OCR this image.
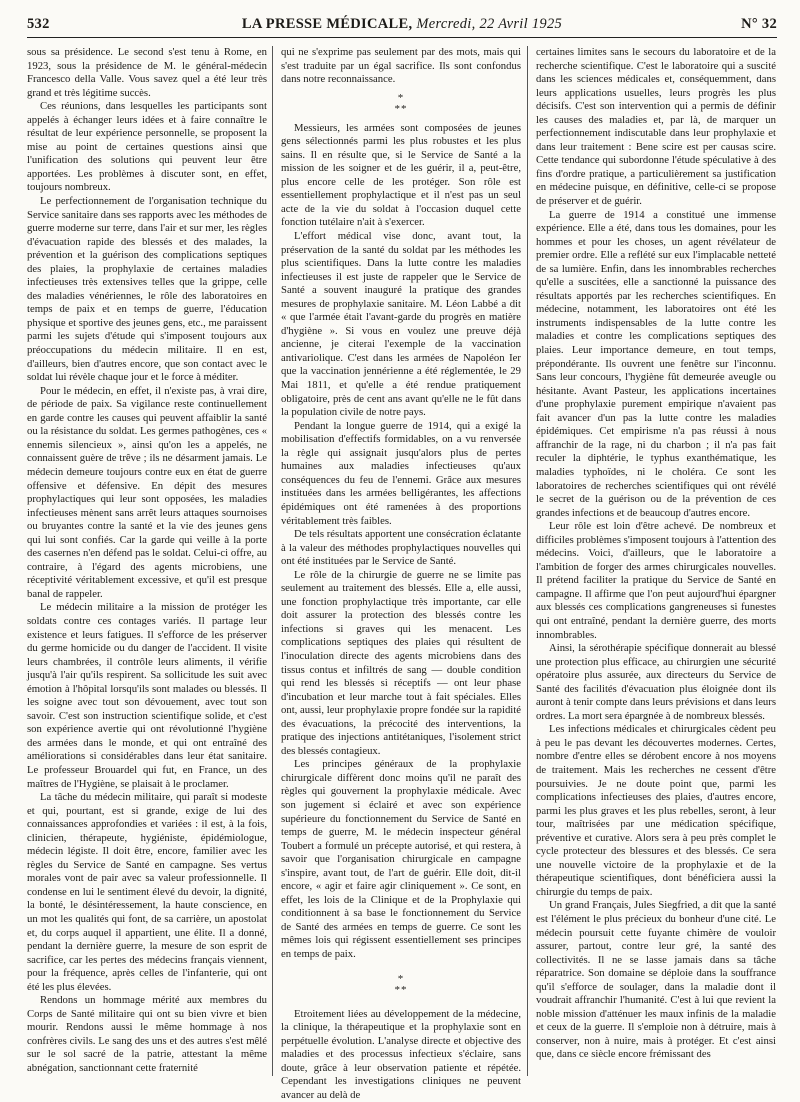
532	LA PRESSE MÉDICALE, Mercredi, 22 Avril 1925	N° 32

sous sa présidence. Le second s'est tenu à Rome, en 1923, sous la présidence de M. le général-médecin Francesco della Valle. Vous savez quel a été leur très grand et très légitime succès.

Ces réunions, dans lesquelles les participants sont appelés à échanger leurs idées et à faire connaître le résultat de leur expérience personnelle, se proposent la mise au point de certaines questions ainsi que l'unification des solutions qui peuvent leur être apportées. Les problèmes à discuter sont, en effet, toujours nombreux.

Le perfectionnement de l'organisation technique du Service sanitaire dans ses rapports avec les méthodes de guerre moderne sur terre, dans l'air et sur mer, les règles d'évacuation rapide des blessés et des malades, la prévention et la guérison des complications septiques des plaies, la prophylaxie de certaines maladies infectieuses très extensives telles que la grippe, celle des maladies vénériennes, le rôle des laboratoires en temps de paix et en temps de guerre, l'éducation physique et sportive des jeunes gens, etc., me paraissent parmi les sujets d'étude qui s'imposent toujours aux préoccupations du médecin militaire. Il en est, d'ailleurs, bien d'autres encore, que son contact avec le soldat lui révèle chaque jour et le force à méditer.

Pour le médecin, en effet, il n'existe pas, à vrai dire, de période de paix. Sa vigilance reste continuellement en garde contre les causes qui peuvent affaiblir la santé ou la résistance du soldat. Les germes pathogènes, ces « ennemis silencieux », ainsi qu'on les a appelés, ne connaissent guère de trêve ; ils ne désarment jamais. Le médecin demeure toujours contre eux en état de guerre offensive et défensive. En dépit des mesures prophylactiques qui leur sont opposées, les maladies infectieuses mènent sans arrêt leurs attaques sournoises ou bruyantes contre la santé et la vie des jeunes gens qui lui sont confiés. Car la garde qui veille à la porte des casernes n'en défend pas le soldat. Celui-ci offre, au contraire, à l'égard des agents microbiens, une réceptivité véritablement excessive, et qu'il est presque banal de rappeler.

Le médecin militaire a la mission de protéger les soldats contre ces contages variés. Il partage leur existence et leurs fatigues. Il s'efforce de les préserver du germe homicide ou du danger de l'accident. Il visite leurs chambrées, il contrôle leurs aliments, il vérifie jusqu'à l'air qu'ils respirent. Sa sollicitude les suit avec émotion à l'hôpital lorsqu'ils sont malades ou blessés. Il les soigne avec tout son dévouement, avec tout son savoir. C'est son instruction scientifique solide, et c'est son expérience avertie qui ont révolutionné l'hygiène des armées dans le monde, et qui ont entraîné des améliorations si considérables dans leur état sanitaire. Le professeur Brouardel qui fut, en France, un des maîtres de l'Hygiène, se plaisait à le proclamer.

La tâche du médecin militaire, qui paraît si modeste et qui, pourtant, est si grande, exige de lui des connaissances approfondies et variées : il est, à la fois, clinicien, thérapeute, hygiéniste, épidémiologue, médecin légiste. Il doit être, encore, familier avec les règles du Service de Santé en campagne. Ses vertus morales vont de pair avec sa valeur professionnelle. Il condense en lui le sentiment élevé du devoir, la dignité, la bonté, le désintéressement, la haute conscience, en un mot les qualités qui font, de sa carrière, un apostolat et, du corps auquel il appartient, une élite. Il a donné, pendant la dernière guerre, la mesure de son esprit de sacrifice, car les pertes des médecins français viennent, pour la fréquence, après celles de l'infanterie, qui ont été les plus élevées.

Rendons un hommage mérité aux membres du Corps de Santé militaire qui ont su bien vivre et bien mourir. Rendons aussi le même hommage à nos confrères civils. Le sang des uns et des autres s'est mêlé sur le sol sacré de la patrie, attestant la même abnégation, sanctionnant cette fraternité

qui ne s'exprime pas seulement par des mots, mais qui s'est traduite par un égal sacrifice. Ils sont confondus dans notre reconnaissance.

*
**

Messieurs, les armées sont composées de jeunes gens sélectionnés parmi les plus robustes et les plus sains. Il en résulte que, si le Service de Santé a la mission de les soigner et de les guérir, il a, peut-être, plus encore celle de les protéger. Son rôle est essentiellement prophylactique et il n'est pas un seul acte de la vie du soldat à l'occasion duquel cette fonction tutélaire n'ait à s'exercer.

L'effort médical vise donc, avant tout, la préservation de la santé du soldat par les méthodes les plus scientifiques. Dans la lutte contre les maladies infectieuses il est juste de rappeler que le Service de Santé a souvent inauguré la pratique des grandes mesures de prophylaxie sanitaire. M. Léon Labbé a dit « que l'armée était l'avant-garde du progrès en matière d'hygiène ». Si vous en voulez une preuve déjà ancienne, je citerai l'exemple de la vaccination antivariolique. C'est dans les armées de Napoléon Ier que la vaccination jennérienne a été réglementée, le 29 Mai 1811, et qu'elle a été rendue pratiquement obligatoire, près de cent ans avant qu'elle ne le fût dans la population civile de notre pays.

Pendant la longue guerre de 1914, qui a exigé la mobilisation d'effectifs formidables, on a vu renversée la règle qui assignait jusqu'alors plus de pertes humaines aux maladies infectieuses qu'aux conséquences du feu de l'ennemi. Grâce aux mesures instituées dans les armées belligérantes, les affections épidémiques ont été ramenées à des proportions véritablement très faibles.

De tels résultats apportent une consécration éclatante à la valeur des méthodes prophylactiques nouvelles qui ont été instituées par le Service de Santé.

Le rôle de la chirurgie de guerre ne se limite pas seulement au traitement des blessés. Elle a, elle aussi, une fonction prophylactique très importante, car elle doit assurer la protection des blessés contre les infections si graves qui les menacent. Les complications septiques des plaies qui résultent de l'inoculation directe des agents microbiens dans des tissus contus et infiltrés de sang — double condition qui rend les blessés si réceptifs — ont leur phase d'incubation et leur marche tout à fait spéciales. Elles ont, aussi, leur prophylaxie propre fondée sur la rapidité des évacuations, la précocité des interventions, la pratique des injections antitétaniques, l'isolement strict des blessés contagieux.

Les principes généraux de la prophylaxie chirurgicale diffèrent donc moins qu'il ne paraît des règles qui gouvernent la prophylaxie médicale. Avec son jugement si éclairé et avec son expérience supérieure du fonctionnement du Service de Santé en temps de guerre, M. le médecin inspecteur général Toubert a formulé un précepte autorisé, et qui restera, à savoir que l'organisation chirurgicale en campagne s'inspire, avant tout, de l'art de guérir. Elle doit, dit-il encore, « agir et faire agir cliniquement ». Ce sont, en effet, les lois de la Clinique et de la Prophylaxie qui conditionnent à sa base le fonctionnement du Service de Santé des armées en temps de guerre. Ce sont les mêmes lois qui régissent essentiellement ses principes en temps de paix.

*
**

Etroitement liées au développement de la médecine, la clinique, la thérapeutique et la prophylaxie sont en perpétuelle évolution. L'analyse directe et objective des maladies et des processus infectieux s'éclaire, sans doute, grâce à leur observation patiente et répétée. Cependant les investigations cliniques ne peuvent avancer au delà de

certaines limites sans le secours du laboratoire et de la recherche scientifique. C'est le laboratoire qui a suscité dans les sciences médicales et, conséquemment, dans leurs applications usuelles, leurs progrès les plus décisifs. C'est son intervention qui a permis de définir les causes des maladies et, par là, de marquer un perfectionnement indiscutable dans leur prophylaxie et dans leur traitement : Bene scire est per causas scire. Cette tendance qui subordonne l'étude spéculative à des fins d'ordre pratique, a particulièrement sa justification en médecine puisque, en définitive, celle-ci se propose de préserver et de guérir.

La guerre de 1914 a constitué une immense expérience. Elle a été, dans tous les domaines, pour les hommes et pour les choses, un agent révélateur de premier ordre. Elle a reflété sur eux l'implacable netteté de sa lumière. Enfin, dans les innombrables recherches qu'elle a suscitées, elle a sanctionné la puissance des résultats apportés par les recherches scientifiques. En médecine, notamment, les laboratoires ont été les instruments indispensables de la lutte contre les maladies et contre les complications septiques des plaies. Leur importance demeure, en tout temps, prépondérante. Ils ouvrent une fenêtre sur l'inconnu. Sans leur concours, l'hygiène fût demeurée aveugle ou hésitante. Avant Pasteur, les applications incertaines d'une prophylaxie purement empirique n'avaient pas fait avancer d'un pas la lutte contre les maladies épidémiques. Cet empirisme n'a pas réussi à nous affranchir de la rage, ni du charbon ; il n'a pas fait reculer la diphtérie, le typhus exanthématique, les maladies typhoïdes, ni le choléra. Ce sont les laboratoires de recherches scientifiques qui ont révélé le secret de la guérison ou de la prévention de ces grandes infections et de beaucoup d'autres encore.

Leur rôle est loin d'être achevé. De nombreux et difficiles problèmes s'imposent toujours à l'attention des médecins. Voici, d'ailleurs, que le laboratoire a l'ambition de forger des armes chirurgicales nouvelles. Il prétend faciliter la pratique du Service de Santé en campagne. Il affirme que l'on peut aujourd'hui épargner aux blessés ces complications gangreneuses si funestes qui ont entraîné, pendant la dernière guerre, des morts innombrables.

Ainsi, la sérothérapie spécifique donnerait au blessé une protection plus efficace, au chirurgien une sécurité opératoire plus assurée, aux directeurs du Service de Santé des facilités d'évacuation plus éloignée dont ils auront à tenir compte dans leurs prévisions et dans leurs ordres. La mort sera épargnée à de nombreux blessés.

Les infections médicales et chirurgicales cèdent peu à peu le pas devant les découvertes modernes. Certes, nombre d'entre elles se dérobent encore à nos moyens de traitement. Mais les recherches ne cessent d'être poursuivies. Je ne doute point que, parmi les complications infectieuses des plaies, d'autres encore, parmi les plus graves et les plus rebelles, seront, à leur tour, maîtrisées par une médication spécifique, préventive et curative. Alors sera à peu près complet le cycle protecteur des blessures et des blessés. Ce sera une nouvelle victoire de la prophylaxie et de la thérapeutique scientifiques, dont bénéficiera aussi la chirurgie du temps de paix.

Un grand Français, Jules Siegfried, a dit que la santé est l'élément le plus précieux du bonheur d'une cité. Le médecin poursuit cette fuyante chimère de vouloir assurer, partout, contre leur gré, la santé des collectivités. Il ne se lasse jamais dans sa tâche réparatrice. Son domaine se déploie dans la souffrance qu'il s'efforce de soulager, dans la maladie dont il voudrait affranchir l'humanité. C'est à lui que revient la noble mission d'atténuer les maux infinis de la maladie et ceux de la guerre. Il s'emploie non à détruire, mais à conserver, non à nuire, mais à protéger. Et c'est ainsi que, dans ce siècle encore frémissant des
